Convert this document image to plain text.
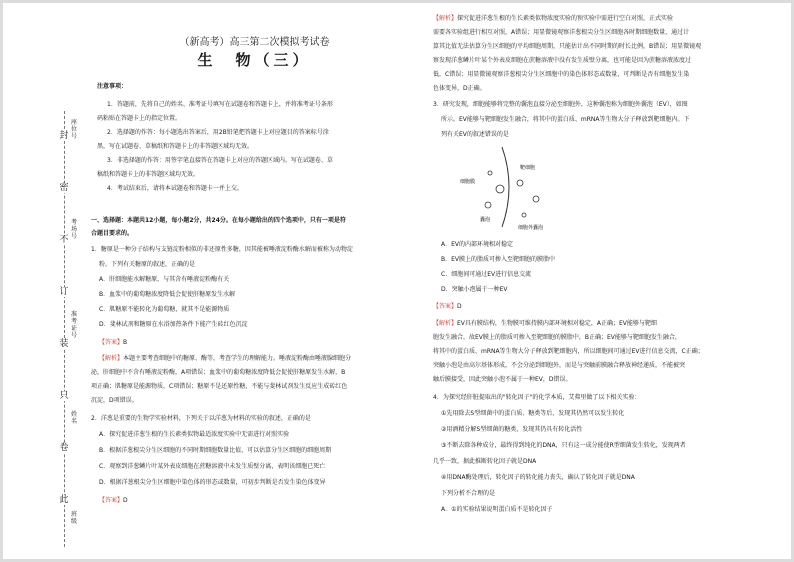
封
密
不
订
装
只
卷
此
座位号
考场号
准考证号
姓名
班级
（新高考）高三第二次模拟考试卷
生　物（三）
注意事项：
1．答题前，先将自己的姓名、准考证号填写在试题卷和答题卡上，并将准考证号条形
码粘贴在答题卡上的指定位置。
2．选择题的作答：每小题选出答案后，用2B铅笔把答题卡上对应题目的答案标号涂
黑，写在试题卷、草稿纸和答题卡上的非答题区域均无效。
3．非选择题的作答：用签字笔直接答在答题卡上对应的答题区域内。写在试题卷、草
稿纸和答题卡上的非答题区域均无效。
4．考试结束后，请将本试题卷和答题卡一并上交。
一、选择题：本题共12小题，每小题2分，共24分。在每小题给出的四个选项中，只有一项是符
合题目要求的。
1．糖原是一种分子结构与支链淀粉相似的非还原性多糖，因其能被唾液淀粉酶水解而被称为动物淀
粉。下列有关糖原的叙述，正确的是
A．肝细胞能水解糖原，与其含有唾液淀粉酶有关
B．血浆中的葡萄糖浓度降低会促使肝糖原发生水解
C．肌糖原不能转化为葡萄糖，就其不是能源物质
D．斐林试剂和糖原在水浴加热条件下能产生砖红色沉淀
【答案】B
【解析】本题主要考查细胞中的糖原、酶等，考查学生的理解能力。唾液淀粉酶由唾液腺细胞分
泌，肝细胞中不含有唾液淀粉酶，A项错误；血浆中的葡萄糖浓度降低会促使肝糖原发生水解，B
项正确；肌糖原是能源物质，C项错误；糖原不是还原性糖，不能与斐林试剂发生反应生成砖红色
沉淀，D项错误。
2．洋葱是重要的生物学实验材料，下列关于以洋葱为材料的实验的叙述，正确的是
A．探究促进洋葱生根的生长素类似物最适浓度实验中无需进行对照实验
B．根据洋葱根尖分生区细胞的不同时期细胞数量比值，可以估算分生区细胞的细胞周期
C．观察到洋葱鳞片叶某外表皮细胞在蔗糖溶液中未发生质壁分离，表明该细胞已死亡
D．根据洋葱根尖分生区细胞中染色体的形态或数量，可初步判断是否发生染色体变异
【答案】D
【解析】探究促进洋葱生根的生长素类似物浓度实验的预实验中需进行空白对照，正式实验
需要各实验组进行相互对照，A错误；用显微镜观察洋葱根尖分生区细胞各时期细胞数量，通过计
算其比值无法估算分生区细胞的平均细胞周期，只能估计出不同时期的时长比例，B错误；用显微镜观
察发现洋葱鳞片叶某个外表皮细胞在蔗糖溶液中没有发生质壁分离，也可能是因为蔗糖溶液浓度过
低，C错误；用显微镜观察洋葱根尖分生区细胞中的染色体形态或数量，可判断是否有细胞发生染
色体变异，D正确。
3．研究发现，细胞能够将完整的囊泡直接分泌至细胞外，这种囊泡称为细胞外囊泡（EV），如图
所示。EV能够与靶细胞发生融合，将其中的蛋白质、mRNA等生物大分子释放到靶细胞内。下
列有关EV的叙述错误的是
细胞膜
囊泡
靶细胞
细胞外囊泡
A．EV的内部环境相对稳定
B．EV膜上的脂质可掺入至靶细胞的膜脂中
C．细胞间可通过EV进行信息交流
D．突触小泡属于一种EV
【答案】D
【解析】EV具有膜结构，生物膜可维持膜内部环境相对稳定，A正确；EV能够与靶细
胞发生融合，故EV膜上的脂质可掺入至靶细胞的膜脂中，B正确；EV能够与靶细胞发生融合，
将其中的蛋白质、mRNA等生物大分子释放到靶细胞内，所以细胞间可通过EV进行信息交流，C正确；
突触小泡是由高尔基体形成，不会分泌到细胞外，而是与突触前膜融合释放神经递质，不能被突
触后膜接受，因此突触小泡不属于一种EV，D错误。
4．为探究经肝脏提取出的"转化因子"的化学本质，艾弗里做了以下相关实验：
①先用除去S型细菌中的蛋白质、糖类等后，发现其仍然可以发生转化
②用酒精分解S型细菌的糖类，发现其仍具有转化活性
③不断去除各种成分，最终得到纯化的DNA，只有这一成分能使R型细菌发生转化，发现两者
几乎一致，据此推断转化因子就是DNA
④用DNA酶处理后，转化因子的转化能力丧失，确认了转化因子就是DNA
下列分析不合理的是
A．①的实验结果说明蛋白质不是转化因子
